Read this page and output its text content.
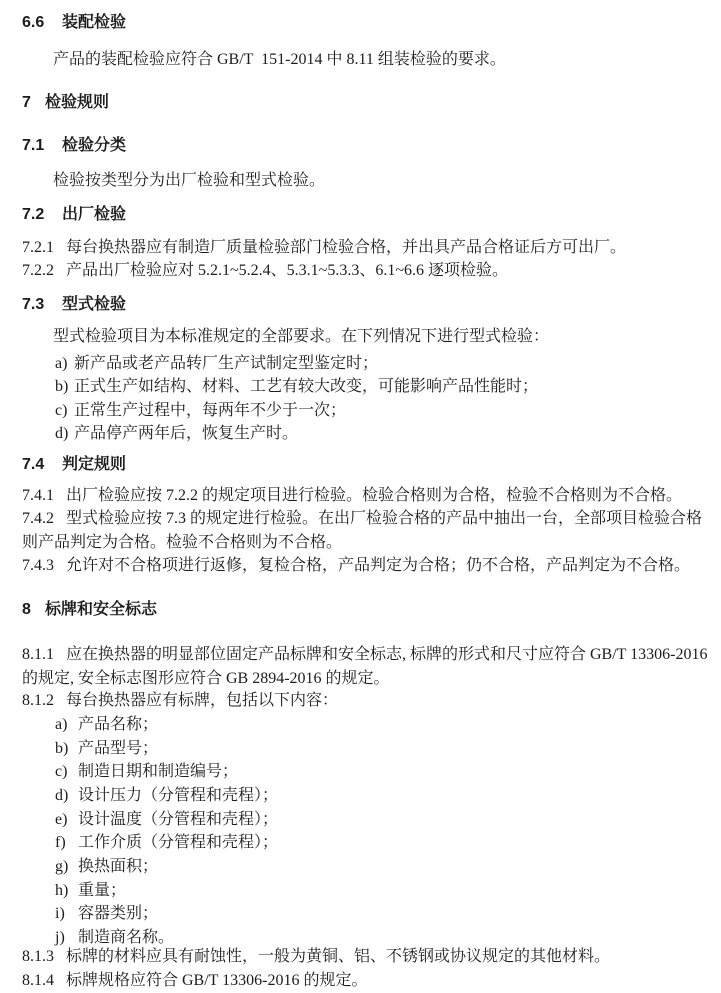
6.6 装配检验

产品的装配检验应符合 GB/T  151-2014 中 8.11 组装检验的要求。

7 检验规则

7.1 检验分类

检验按类型分为出厂检验和型式检验。

7.2 出厂检验

7.2.1 每台换热器应有制造厂质量检验部门检验合格，并出具产品合格证后方可出厂。

7.2.2 产品出厂检验应对 5.2.1~5.2.4、5.3.1~5.3.3、6.1~6.6 逐项检验。

7.3 型式检验

型式检验项目为本标准规定的全部要求。在下列情况下进行型式检验：

a) 新产品或老产品转厂生产试制定型鉴定时；

b) 正式生产如结构、材料、工艺有较大改变，可能影响产品性能时；

c) 正常生产过程中，每两年不少于一次；

d) 产品停产两年后，恢复生产时。

7.4 判定规则

7.4.1 出厂检验应按 7.2.2 的规定项目进行检验。检验合格则为合格，检验不合格则为不合格。

7.4.2 型式检验应按 7.3 的规定进行检验。在出厂检验合格的产品中抽出一台，全部项目检验合格则产品判定为合格。检验不合格则为不合格。

7.4.3 允许对不合格项进行返修，复检合格，产品判定为合格；仍不合格，产品判定为不合格。

8 标牌和安全标志

8.1.1 应在换热器的明显部位固定产品标牌和安全标志, 标牌的形式和尺寸应符合 GB/T 13306-2016 的规定, 安全标志图形应符合 GB 2894-2016 的规定。

8.1.2 每台换热器应有标牌，包括以下内容：

a) 产品名称；

b) 产品型号；

c) 制造日期和制造编号；

d) 设计压力（分管程和壳程）；

e) 设计温度（分管程和壳程）；

f) 工作介质（分管程和壳程）；

g) 换热面积；

h) 重量；

i) 容器类别；

j) 制造商名称。

8.1.3 标牌的材料应具有耐蚀性，一般为黄铜、铝、不锈钢或协议规定的其他材料。

8.1.4 标牌规格应符合 GB/T 13306-2016 的规定。
